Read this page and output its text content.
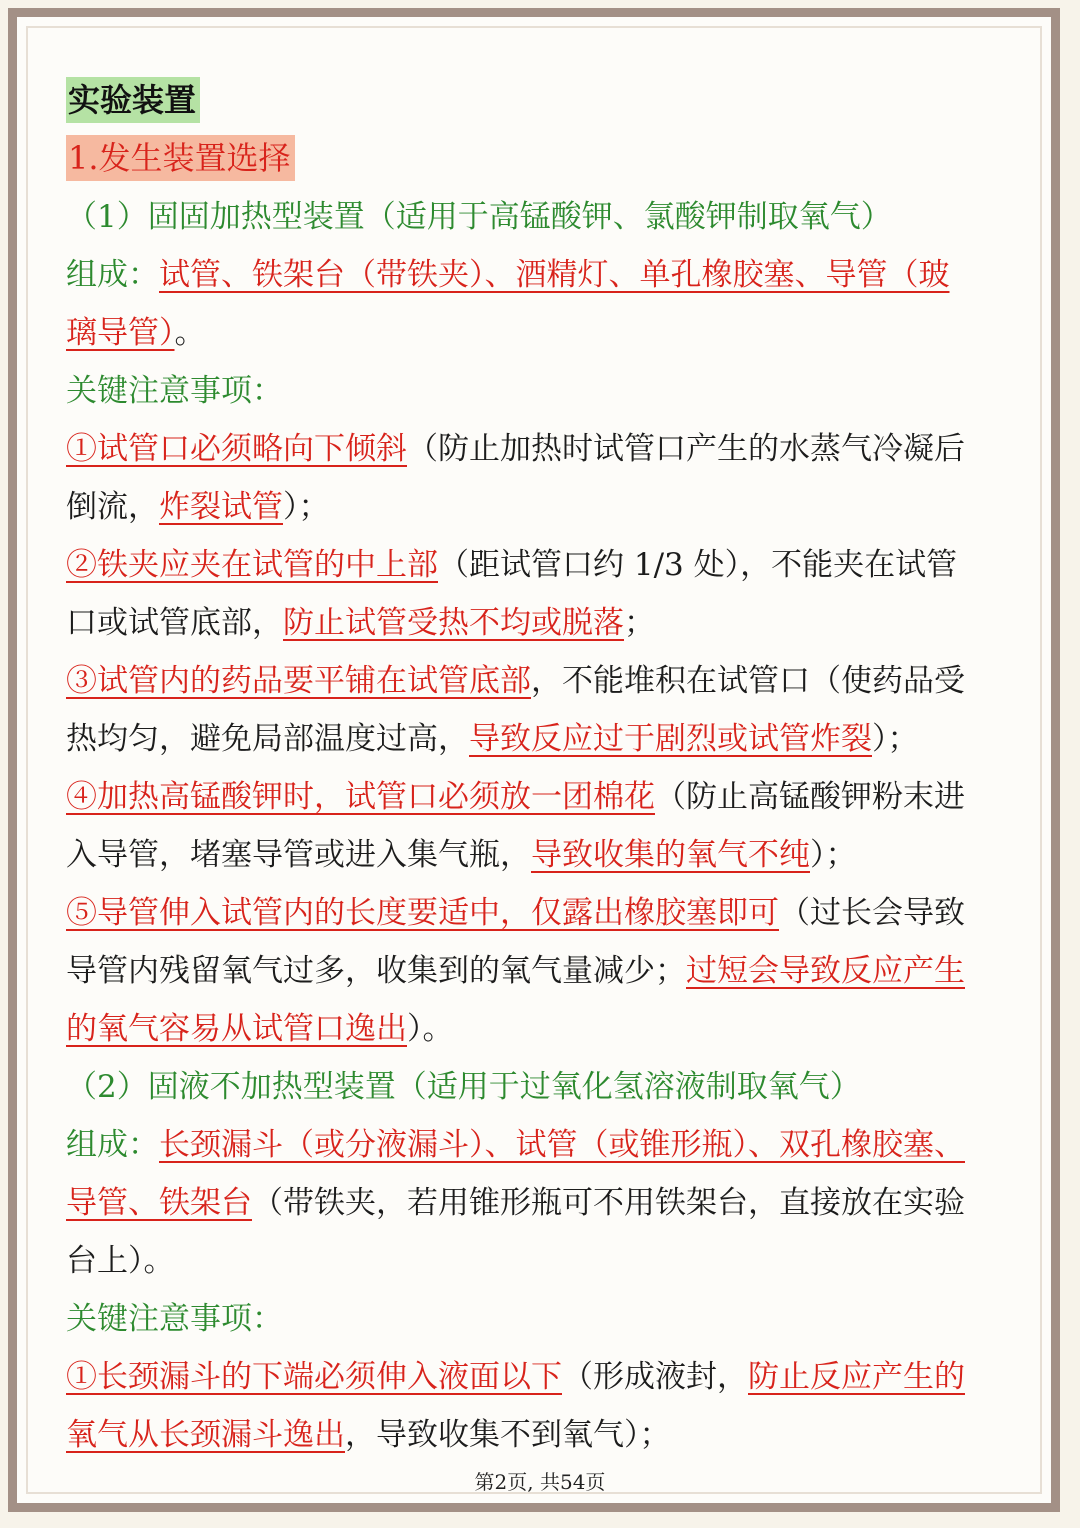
实验装置
1.发生装置选择
（1）固固加热型装置（适用于高锰酸钾、氯酸钾制取氧气）
组成：试管、铁架台（带铁夹）、酒精灯、单孔橡胶塞、导管（玻
璃导管）。
关键注意事项：
①试管口必须略向下倾斜（防止加热时试管口产生的水蒸气冷凝后
倒流，炸裂试管）；
②铁夹应夹在试管的中上部（距试管口约 1/3 处），不能夹在试管
口或试管底部，防止试管受热不均或脱落；
③试管内的药品要平铺在试管底部，不能堆积在试管口（使药品受
热均匀，避免局部温度过高，导致反应过于剧烈或试管炸裂）；
④加热高锰酸钾时，试管口必须放一团棉花（防止高锰酸钾粉末进
入导管，堵塞导管或进入集气瓶，导致收集的氧气不纯）；
⑤导管伸入试管内的长度要适中，仅露出橡胶塞即可（过长会导致
导管内残留氧气过多，收集到的氧气量减少；过短会导致反应产生
的氧气容易从试管口逸出）。
（2）固液不加热型装置（适用于过氧化氢溶液制取氧气）
组成：长颈漏斗（或分液漏斗）、试管（或锥形瓶）、双孔橡胶塞、
导管、铁架台（带铁夹，若用锥形瓶可不用铁架台，直接放在实验
台上）。
关键注意事项：
①长颈漏斗的下端必须伸入液面以下（形成液封，防止反应产生的
氧气从长颈漏斗逸出，导致收集不到氧气）；
第2页, 共54页
